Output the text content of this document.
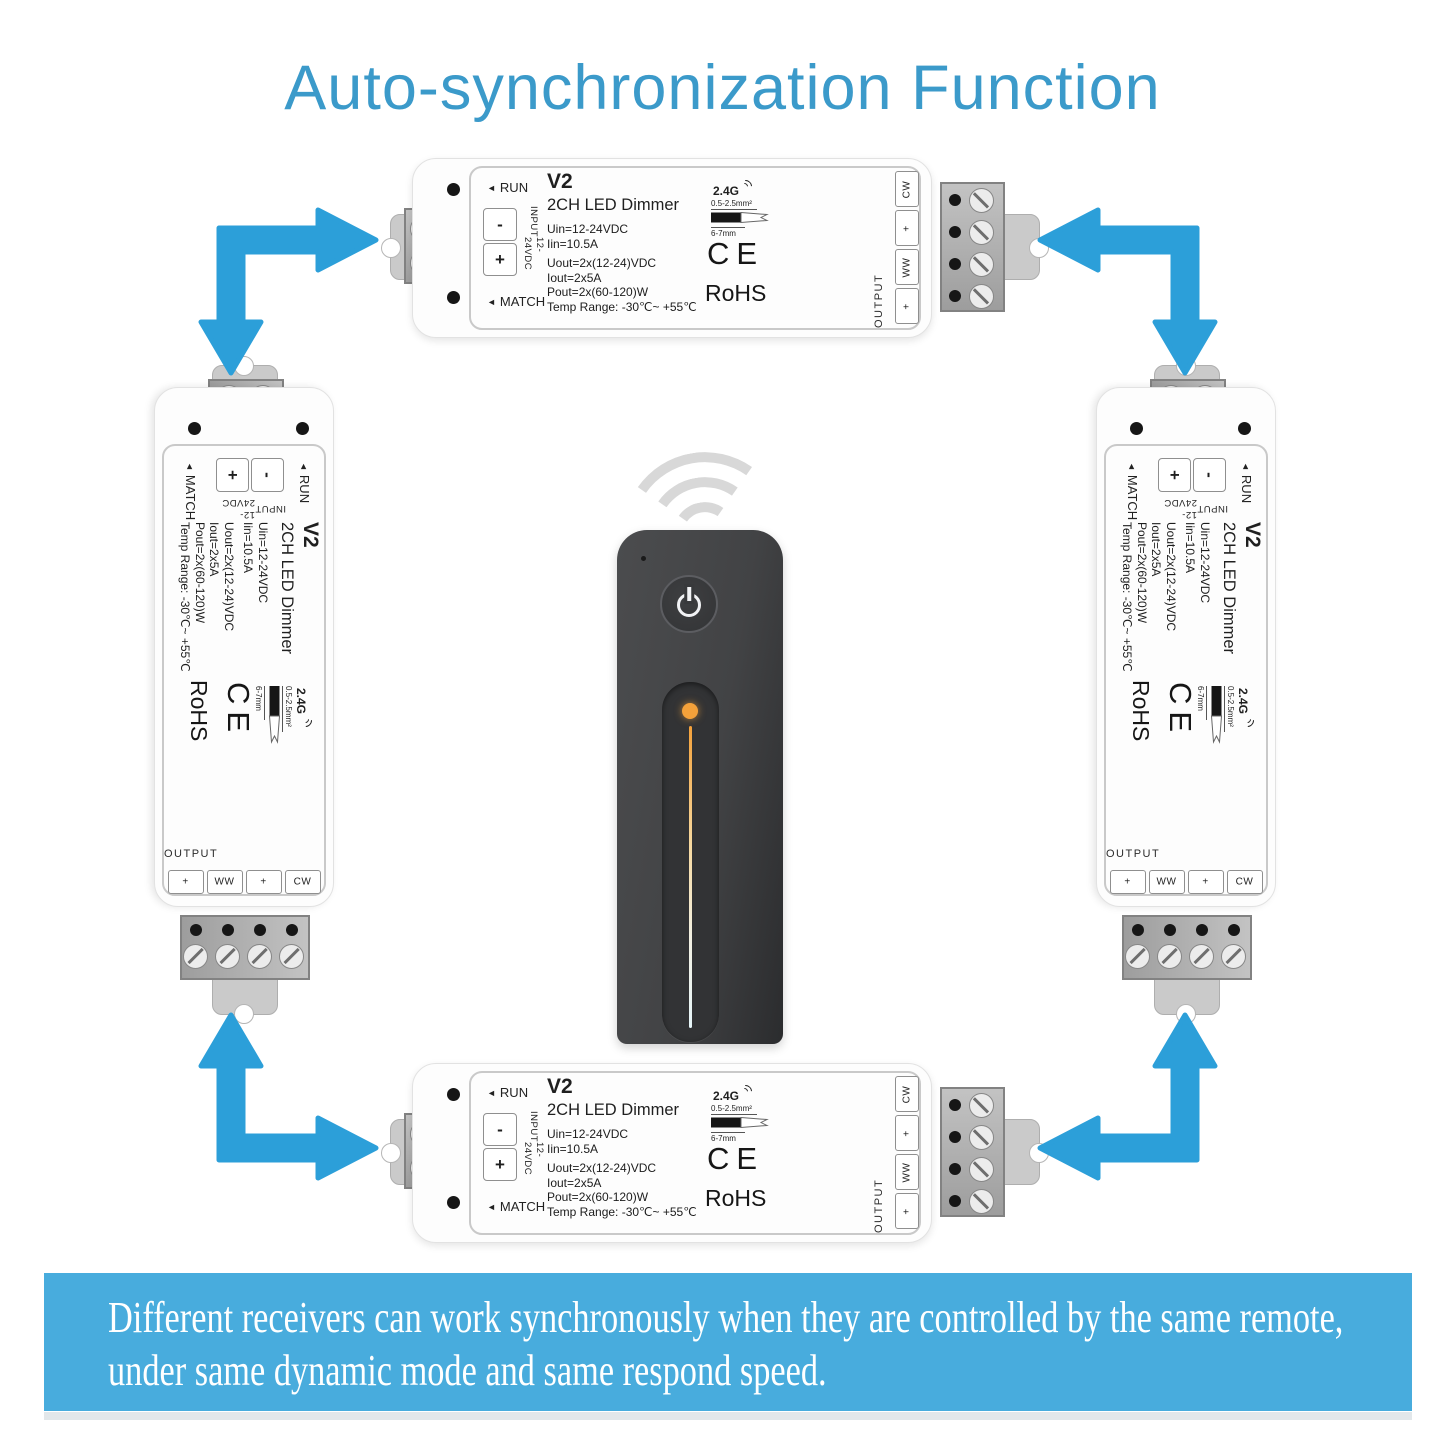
Auto-synchronization Function
◄ RUN
◄ MATCH
-
+
INPUT
12-24VDC
V2
2CH LED Dimmer
Uin=12-24VDC
Iin=10.5A
Uout=2x(12-24)VDC
Iout=2x5A
Pout=2x(60-120)W
Temp Range: -30℃~ +55℃
2.4G
0.5-2.5mm²
6-7mm
CE
RoHS	OUTPUT
CW
+
WW
+
◄RUN
◄MATCH	-
+
INPUT
12-24VDC
V2
2CH LED Dimmer
Uin=12-24VDC
Iin=10.5A
Uout=2x(12-24)VDC
Iout=2x5A
Pout=2x(60-120)W
Temp Range: -30℃~ +55℃
2.4G
0.5-2.5mm²
6-7mm
CE
RoHS
OUTPUT
CW
+
WW
+
◄RUN
◄MATCH	-
+
INPUT
12-24VDC
V2
2CH LED Dimmer
Uin=12-24VDC
Iin=10.5A
Uout=2x(12-24)VDC
Iout=2x5A
Pout=2x(60-120)W
Temp Range: -30℃~ +55℃
2.4G
0.5-2.5mm²
6-7mm
CE
RoHS
OUTPUT
CW
+
WW
+
◄ RUN
◄ MATCH
-
+
INPUT
12-24VDC
V2
2CH LED Dimmer
Uin=12-24VDC
Iin=10.5A
Uout=2x(12-24)VDC
Iout=2x5A
Pout=2x(60-120)W
Temp Range: -30℃~ +55℃
2.4G
0.5-2.5mm²
6-7mm
CE
RoHS	OUTPUT
CW
+
WW
+
Different receivers can work synchronously when they are controlled by the same remote,
under same dynamic mode and same respond speed.
